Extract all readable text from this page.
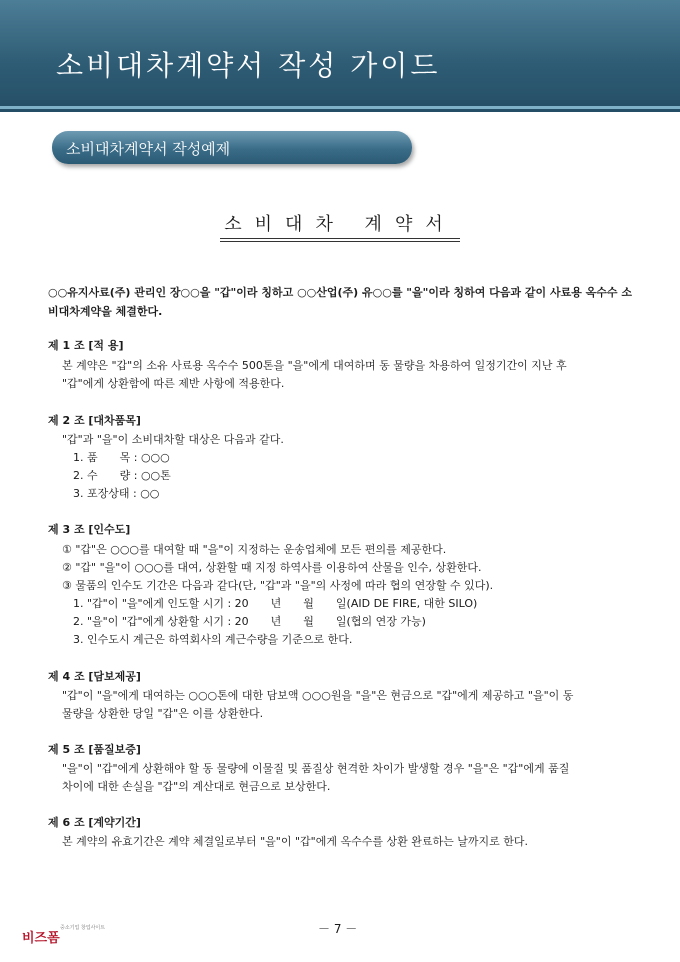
소비대차계약서 작성 가이드
소비대차계약서 작성예제
소비대차 계약서
○○유지사료(주) 관리인 장○○을 "갑"이라 칭하고 ○○산업(주) 유○○를 "을"이라 칭하여 다음과 같이 사료용 옥수수 소비대차계약을 체결한다.
제 1 조 [적 용]
본 계약은 "갑"의 소유 사료용 옥수수 500톤을 "을"에게 대여하며 동 물량을 차용하여 일정기간이 지난 후
"갑"에게 상환함에 따른 제반 사항에 적용한다.
제 2 조 [대차품목]
"갑"과 "을"이 소비대차할 대상은 다음과 같다.
1. 품　　목 : ○○○
2. 수　　량 : ○○톤
3. 포장상태 : ○○
제 3 조 [인수도]
① "갑"은 ○○○를 대여할 때 "을"이 지정하는 운송업체에 모든 편의를 제공한다.
② "갑" "을"이 ○○○를 대여, 상환할 때 지정 하역사를 이용하여 산물을 인수, 상환한다.
③ 물품의 인수도 기간은 다음과 같다(단, "갑"과 "을"의 사정에 따라 협의 연장할 수 있다).
1. "갑"이 "을"에게 인도할 시기 : 20　　년　　월　　일(AID DE FIRE, 대한 SILO)
2. "을"이 "갑"에게 상환할 시기 : 20　　년　　월　　일(협의 연장 가능)
3. 인수도시 계근은 하역회사의 계근수량을 기준으로 한다.
제 4 조 [담보제공]
"갑"이 "을"에게 대여하는 ○○○톤에 대한 담보액 ○○○원을 "을"은 현금으로 "갑"에게 제공하고 "을"이 동
물량을 상환한 당일 "갑"은 이를 상환한다.
제 5 조 [품질보증]
"을"이 "갑"에게 상환해야 할 동 물량에 이물질 및 품질상 현격한 차이가 발생할 경우 "을"은 "갑"에게 품질
차이에 대한 손실을 "갑"의 계산대로 현금으로 보상한다.
제 6 조 [계약기간]
본 계약의 유효기간은 계약 체결일로부터 "을"이 "갑"에게 옥수수를 상환 완료하는 날까지로 한다.
비즈폼
중소기업 창업사이트	－ 7 －
